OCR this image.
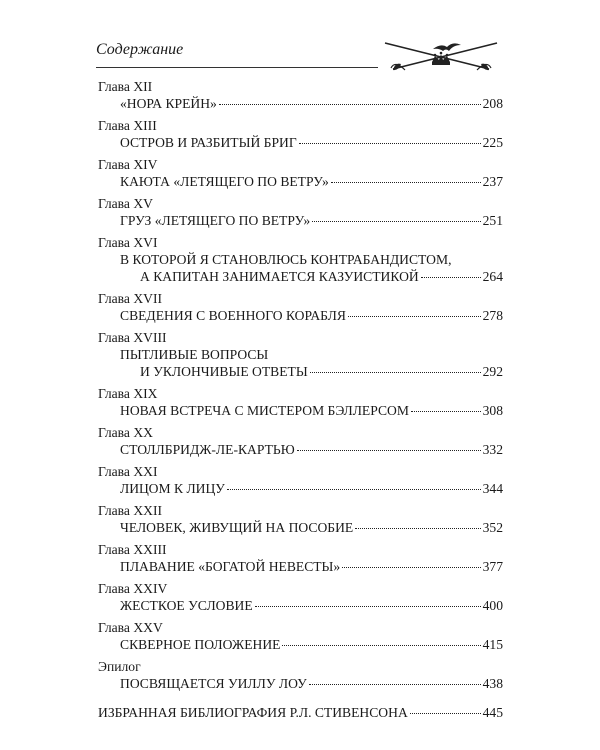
Содержание
Глава XII
«НОРА КРЕЙН»	208
Глава XIII
ОСТРОВ И РАЗБИТЫЙ БРИГ	225
Глава XIV
КАЮТА «ЛЕТЯЩЕГО ПО ВЕТРУ»	237
Глава XV
ГРУЗ «ЛЕТЯЩЕГО ПО ВЕТРУ»	251
Глава XVI
В КОТОРОЙ Я СТАНОВЛЮСЬ КОНТРАБАНДИСТОМ,
А КАПИТАН ЗАНИМАЕТСЯ КАЗУИСТИКОЙ	264
Глава XVII
СВЕДЕНИЯ С ВОЕННОГО КОРАБЛЯ	278
Глава XVIII
ПЫТЛИВЫЕ ВОПРОСЫ
И УКЛОНЧИВЫЕ ОТВЕТЫ	292
Глава XIX
НОВАЯ ВСТРЕЧА С МИСТЕРОМ БЭЛЛЕРСОМ	308
Глава XX
СТОЛЛБРИДЖ-ЛЕ-КАРТЬЮ	332
Глава XXI
ЛИЦОМ К ЛИЦУ	344
Глава XXII
ЧЕЛОВЕК, ЖИВУЩИЙ НА ПОСОБИЕ	352
Глава XXIII
ПЛАВАНИЕ «БОГАТОЙ НЕВЕСТЫ»	377
Глава XXIV
ЖЕСТКОЕ УСЛОВИЕ	400
Глава XXV
СКВЕРНОЕ ПОЛОЖЕНИЕ	415
Эпилог
ПОСВЯЩАЕТСЯ УИЛЛУ ЛОУ	438
ИЗБРАННАЯ БИБЛИОГРАФИЯ Р.Л. СТИВЕНСОНА	445
